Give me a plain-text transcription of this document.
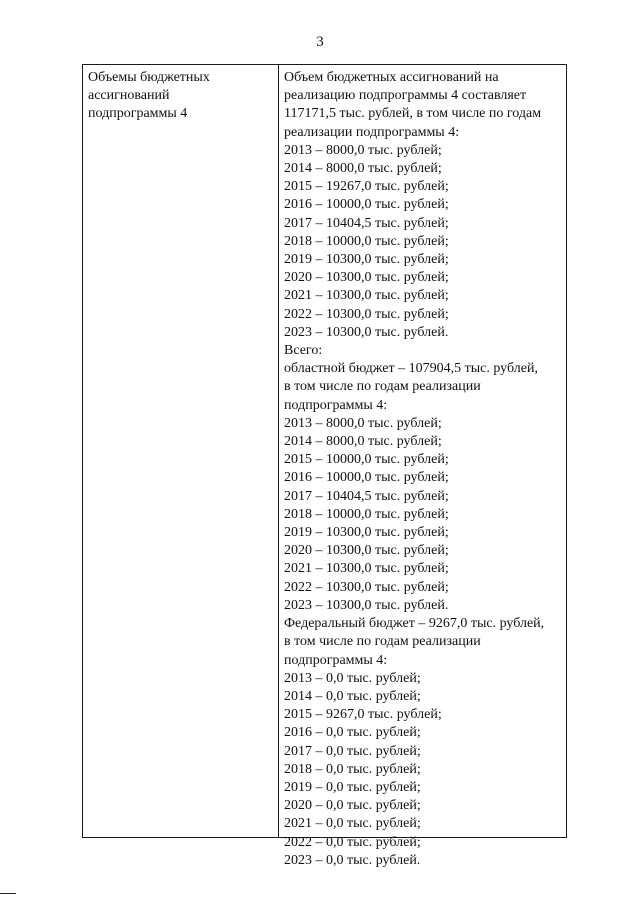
3
Объемы бюджетных
ассигнований
подпрограммы 4
Объем бюджетных ассигнований на
реализацию подпрограммы 4 составляет
117171,5 тыс. рублей, в том числе по годам
реализации подпрограммы 4:
2013 – 8000,0 тыс. рублей;
2014 – 8000,0 тыс. рублей;
2015 – 19267,0 тыс. рублей;
2016 – 10000,0 тыс. рублей;
2017 – 10404,5 тыс. рублей;
2018 – 10000,0 тыс. рублей;
2019 – 10300,0 тыс. рублей;
2020 – 10300,0 тыс. рублей;
2021 – 10300,0 тыс. рублей;
2022 – 10300,0 тыс. рублей;
2023 – 10300,0 тыс. рублей.
Всего:
областной бюджет – 107904,5 тыс. рублей,
в том числе по годам реализации
подпрограммы 4:
2013 – 8000,0 тыс. рублей;
2014 – 8000,0 тыс. рублей;
2015 – 10000,0 тыс. рублей;
2016 – 10000,0 тыс. рублей;
2017 – 10404,5 тыс. рублей;
2018 – 10000,0 тыс. рублей;
2019 – 10300,0 тыс. рублей;
2020 – 10300,0 тыс. рублей;
2021 – 10300,0 тыс. рублей;
2022 – 10300,0 тыс. рублей;
2023 – 10300,0 тыс. рублей.
Федеральный бюджет – 9267,0 тыс. рублей,
в том числе по годам реализации
подпрограммы 4:
2013 – 0,0 тыс. рублей;
2014 – 0,0 тыс. рублей;
2015 – 9267,0 тыс. рублей;
2016 – 0,0 тыс. рублей;
2017 – 0,0 тыс. рублей;
2018 – 0,0 тыс. рублей;
2019 – 0,0 тыс. рублей;
2020 – 0,0 тыс. рублей;
2021 – 0,0 тыс. рублей;
2022 – 0,0 тыс. рублей;
2023 – 0,0 тыс. рублей.
